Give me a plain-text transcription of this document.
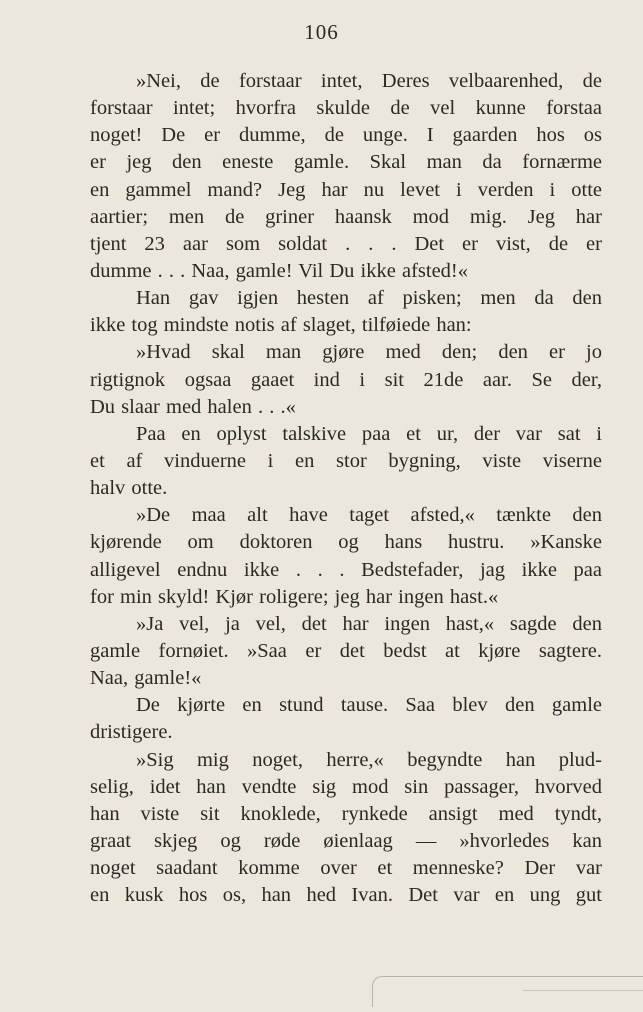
106
»Nei, de forstaar intet, Deres velbaarenhed, de
forstaar intet; hvorfra skulde de vel kunne forstaa
noget! De er dumme, de unge. I gaarden hos os
er jeg den eneste gamle. Skal man da fornærme
en gammel mand? Jeg har nu levet i verden i otte
aartier; men de griner haansk mod mig. Jeg har
tjent 23 aar som soldat . . . Det er vist, de er
dumme . . . Naa, gamle! Vil Du ikke afsted!«
Han gav igjen hesten af pisken; men da den
ikke tog mindste notis af slaget, tilføiede han:
»Hvad skal man gjøre med den; den er jo
rigtignok ogsaa gaaet ind i sit 21de aar. Se der,
Du slaar med halen . . .«
Paa en oplyst talskive paa et ur, der var sat i
et af vinduerne i en stor bygning, viste viserne
halv otte.
»De maa alt have taget afsted,« tænkte den
kjørende om doktoren og hans hustru. »Kanske
alligevel endnu ikke . . . Bedstefader, jag ikke paa
for min skyld! Kjør roligere; jeg har ingen hast.«
»Ja vel, ja vel, det har ingen hast,« sagde den
gamle fornøiet. »Saa er det bedst at kjøre sagtere.
Naa, gamle!«
De kjørte en stund tause. Saa blev den gamle
dristigere.
»Sig mig noget, herre,« begyndte han plud-
selig, idet han vendte sig mod sin passager, hvorved
han viste sit knoklede, rynkede ansigt med tyndt,
graat skjeg og røde øienlaag — »hvorledes kan
noget saadant komme over et menneske? Der var
en kusk hos os, han hed Ivan. Det var en ung gut
